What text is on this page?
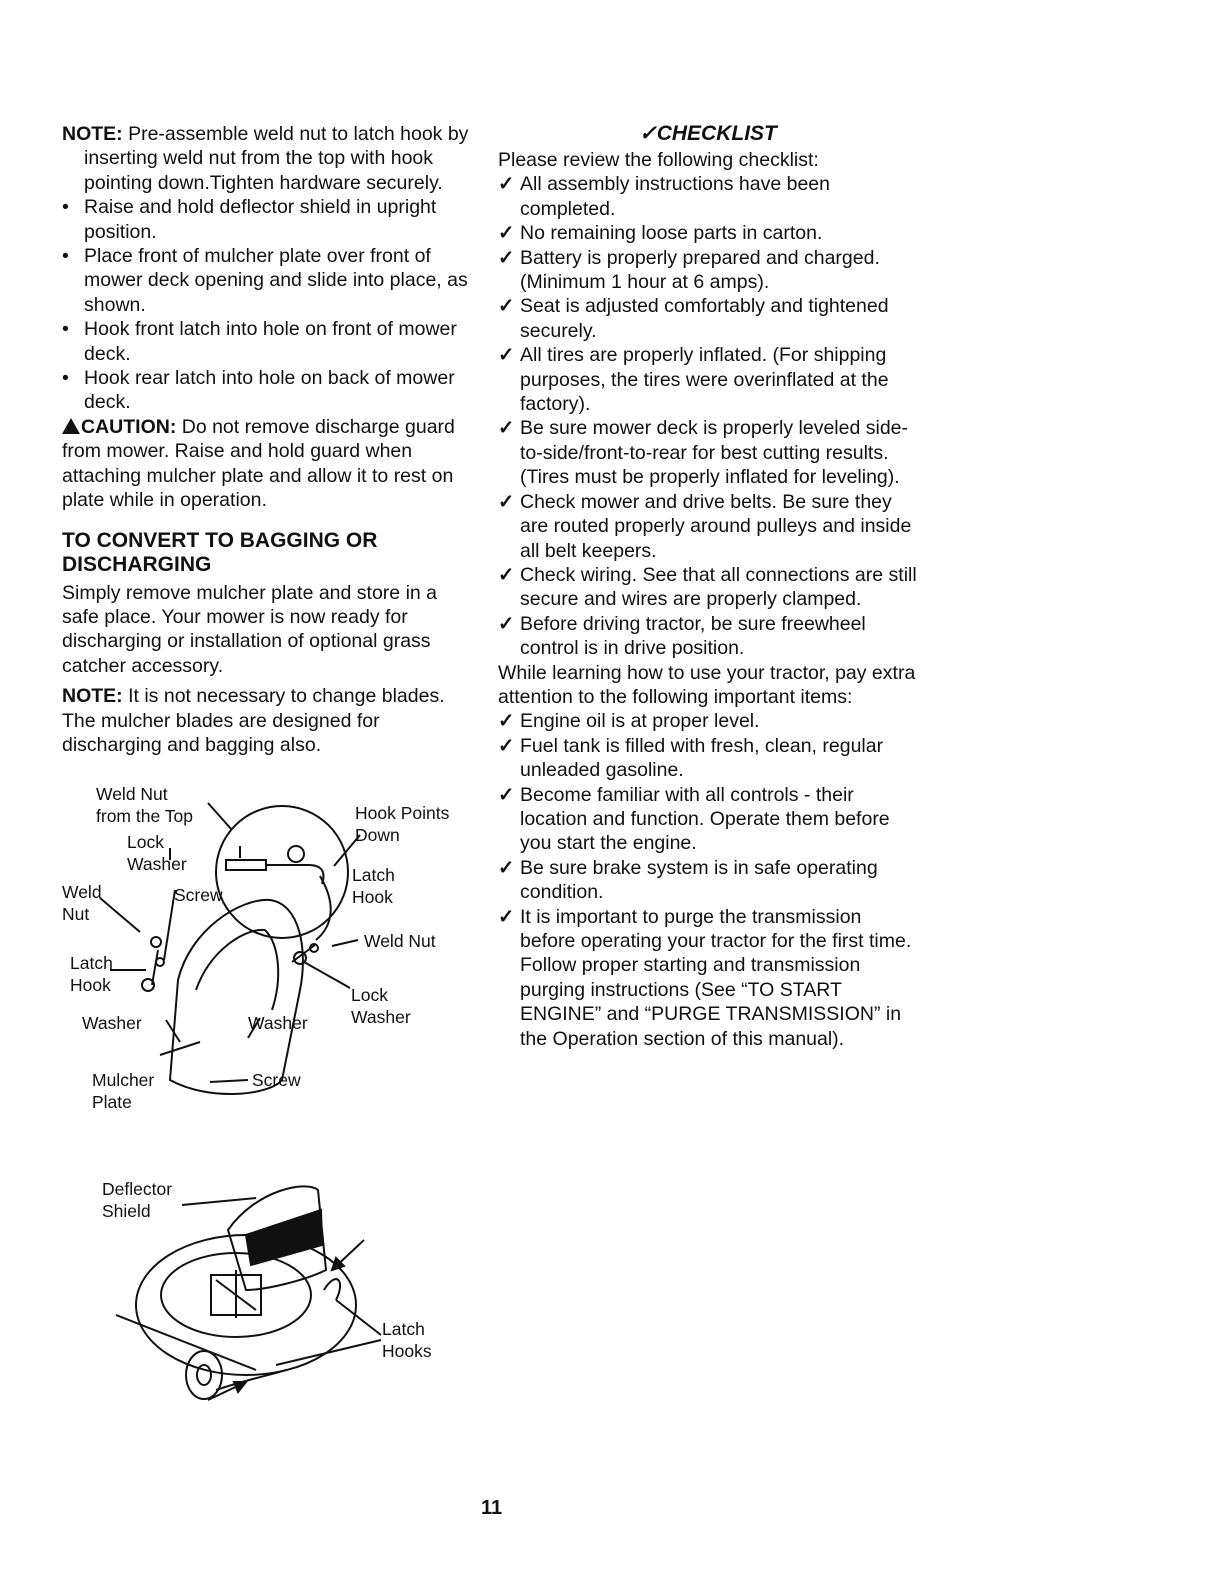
NOTE: Pre-assemble weld nut to latch hook by inserting weld nut from the top with hook pointing down.Tighten hardware securely.

• Raise and hold deflector shield in upright position.
• Place front of mulcher plate over front of mower deck opening and slide into place, as shown.
• Hook front latch into hole on front of mower deck.
• Hook rear latch into hole on back of mower deck.

CAUTION: Do not remove discharge guard from mower. Raise and hold guard when attaching mulcher plate and allow it to rest on plate while in operation.

TO CONVERT TO BAGGING OR DISCHARGING

Simply remove mulcher plate and store in a safe place. Your mower is now ready for discharging or installation of optional grass catcher accessory.

NOTE: It is not necessary to change blades. The mulcher blades are designed for discharging and bagging also.

Weld Nut
from the Top
Lock
Washer
Hook Points
Down
Latch
Hook
Weld
Nut
Screw
Weld Nut
Latch
Hook	Lock
Washer
Washer	Washer
Mulcher
Plate
Screw
Deflector
Shield
Latch
Hooks
✓CHECKLIST

Please review the following checklist:

✓ All assembly instructions have been completed.
✓ No remaining loose parts in carton.
✓ Battery is properly prepared and charged. (Minimum 1 hour at 6 amps).
✓ Seat is adjusted comfortably and tightened securely.
✓ All tires are properly inflated. (For shipping purposes, the tires were overinflated at the factory).
✓ Be sure mower deck is properly leveled side-to-side/front-to-rear for best cutting results. (Tires must be properly inflated for leveling).
✓ Check mower and drive belts. Be sure they are routed properly around pulleys and inside all belt keepers.
✓ Check wiring. See that all connections are still secure and wires are properly clamped.
✓ Before driving tractor, be sure freewheel control is in drive position.

While learning how to use your tractor, pay extra attention to the following important items:

✓ Engine oil is at proper level.
✓ Fuel tank is filled with fresh, clean, regular unleaded gasoline.
✓ Become familiar with all controls - their location and function. Operate them before you start the engine.
✓ Be sure brake system is in safe operating condition.
✓ It is important to purge the transmission before operating your tractor for the first time. Follow proper starting and transmission purging instructions (See “TO START ENGINE” and “PURGE TRANSMISSION” in the Operation section of this manual).
11
